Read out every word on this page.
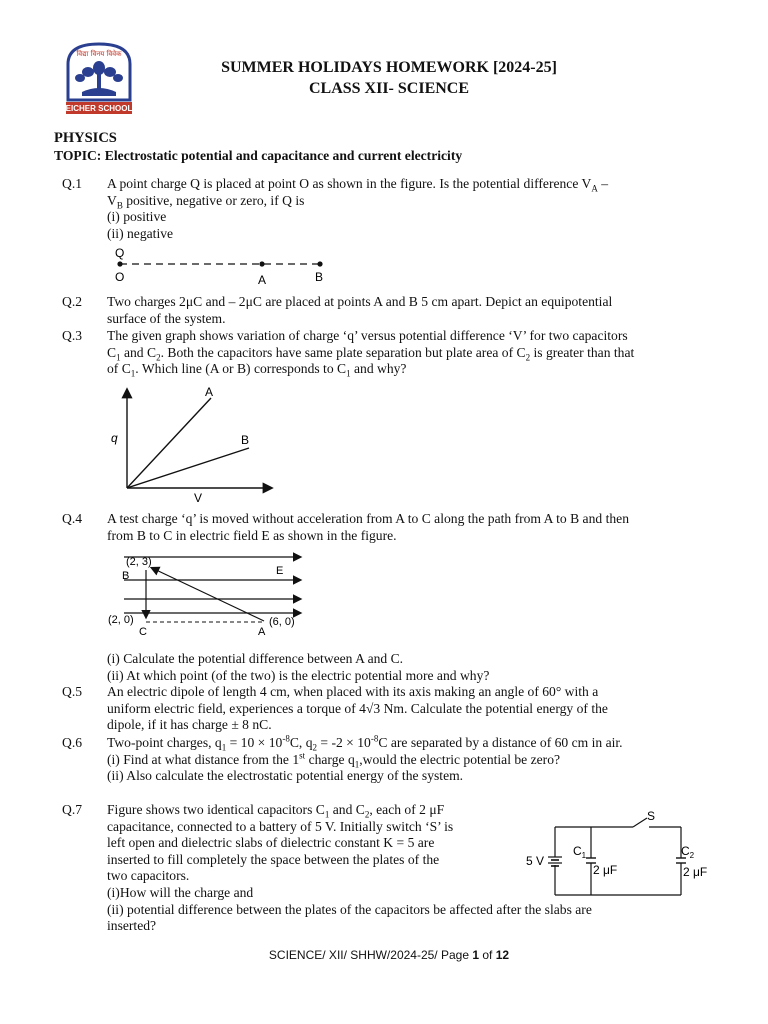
विद्या विनय विवेक
EICHER SCHOOL
SUMMER HOLIDAYS HOMEWORK [2024-25]
CLASS XII- SCIENCE
PHYSICS
TOPIC: Electrostatic potential and capacitance and current electricity
Q.1 A point charge Q is placed at point O as shown in the figure. Is the potential difference $V_A$ –
$V_B$ positive, negative or zero, if Q is
(i) positive
(ii) negative
Q
O	A	B
Q.2 Two charges 2μC and – 2μC are placed at points A and B 5 cm apart. Depict an equipotential
surface of the system.
Q.3 The given graph shows variation of charge ‘q’ versus potential difference ‘V’ for two capacitors
$C_1$ and $C_2$. Both the capacitors have same plate separation but plate area of $C_2$ is greater than that
of $C_1$. Which line (A or B) corresponds to $C_1$ and why?
A
B
q
V
Q.4 A test charge ‘q’ is moved without acceleration from A to C along the path from A to B and then
from B to C in electric field E as shown in the figure.
(2, 3)
B	E
(2, 0)
C	A
(6, 0)
(i) Calculate the potential difference between A and C.
(ii) At which point (of the two) is the electric potential more and why?
Q.5 An electric dipole of length 4 cm, when placed with its axis making an angle of 60° with a
uniform electric field, experiences a torque of 4√3 Nm. Calculate the potential energy of the
dipole, if it has charge ± 8 nC.
Q.6 Two-point charges, $q_1 = 10 \times 10^{-8}C$, $q_2 = -2 \times 10^{-8}C$ are separated by a distance of 60 cm in air.
(i) Find at what distance from the 1st charge $q_1,would$ the electric potential be zero?
(ii) Also calculate the electrostatic potential energy of the system.
Q.7 Figure shows two identical capacitors $C_1$ and $C_2$, each of 2 μF
capacitance, connected to a battery of 5 V. Initially switch ‘S’ is
left open and dielectric slabs of dielectric constant K = 5 are
inserted to fill completely the space between the plates of the
two capacitors.
(i)How will the charge and
(ii) potential difference between the plates of the capacitors be affected after the slabs are
inserted?
S
5 V
$C_1$	$C_2$
2 μF	2 μF
SCIENCE/ XII/ SHHW/2024-25/ Page 1 of 12
